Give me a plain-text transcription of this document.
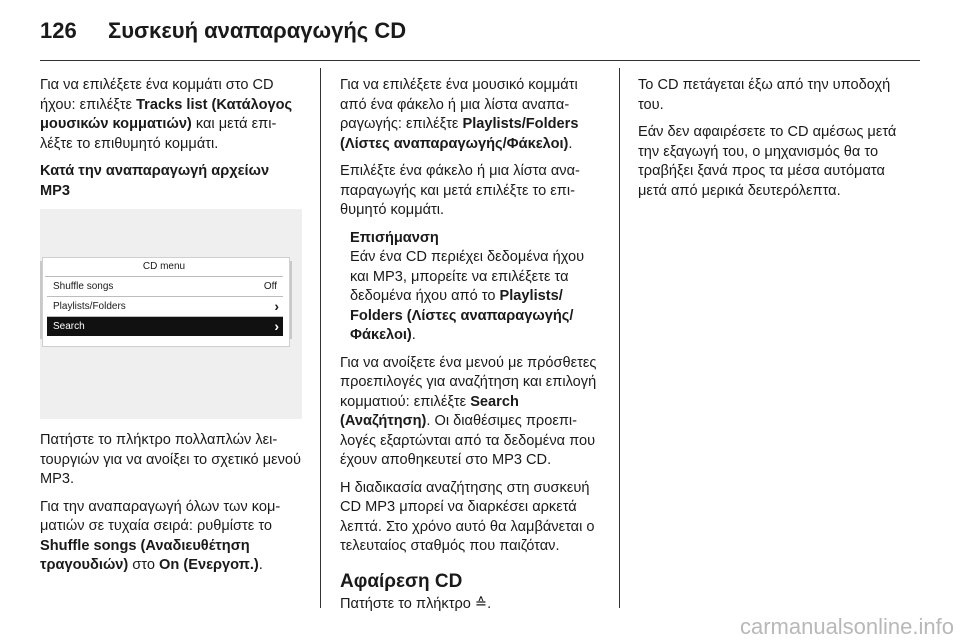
126	Συσκευή αναπαραγωγής CD

Για να επιλέξετε ένα κομμάτι στο CD ήχου: επιλέξτε Tracks list (Κατάλογος μουσικών κομματιών) και μετά επιλέξτε το επιθυμητό κομμάτι.

Κατά την αναπαραγωγή αρχείων MP3

CD menu
Shuffle songs	Off
Playlists/Folders	›
Search	›

Πατήστε το πλήκτρο πολλαπλών λειτουργιών για να ανοίξει το σχετικό μενού MP3.

Για την αναπαραγωγή όλων των κομματιών σε τυχαία σειρά: ρυθμίστε το Shuffle songs (Αναδιευθέτηση τραγουδιών) στο On (Ενεργοπ.).

Για να επιλέξετε ένα μουσικό κομμάτι από ένα φάκελο ή μια λίστα αναπαραγωγής: επιλέξτε Playlists/Folders (Λίστες αναπαραγωγής/Φάκελοι).

Επιλέξτε ένα φάκελο ή μια λίστα αναπαραγωγής και μετά επιλέξτε το επιθυμητό κομμάτι.

Επισήμανση
Εάν ένα CD περιέχει δεδομένα ήχου και MP3, μπορείτε να επιλέξετε τα δεδομένα ήχου από το Playlists/ Folders (Λίστες αναπαραγωγής/ Φάκελοι).

Για να ανοίξετε ένα μενού με πρόσθετες προεπιλογές για αναζήτηση και επιλογή κομματιού: επιλέξτε Search (Αναζήτηση). Οι διαθέσιμες προεπιλογές εξαρτώνται από τα δεδομένα που έχουν αποθηκευτεί στο MP3 CD.

Η διαδικασία αναζήτησης στη συσκευή CD MP3 μπορεί να διαρκέσει αρκετά λεπτά. Στο χρόνο αυτό θα λαμβάνεται ο τελευταίος σταθμός που παιζόταν.

Αφαίρεση CD

Πατήστε το πλήκτρο ≙.

Το CD πετάγεται έξω από την υποδοχή του.

Εάν δεν αφαιρέσετε το CD αμέσως μετά την εξαγωγή του, ο μηχανισμός θα το τραβήξει ξανά προς τα μέσα αυτόματα μετά από μερικά δευτερόλεπτα.

carmanualsonline.info
